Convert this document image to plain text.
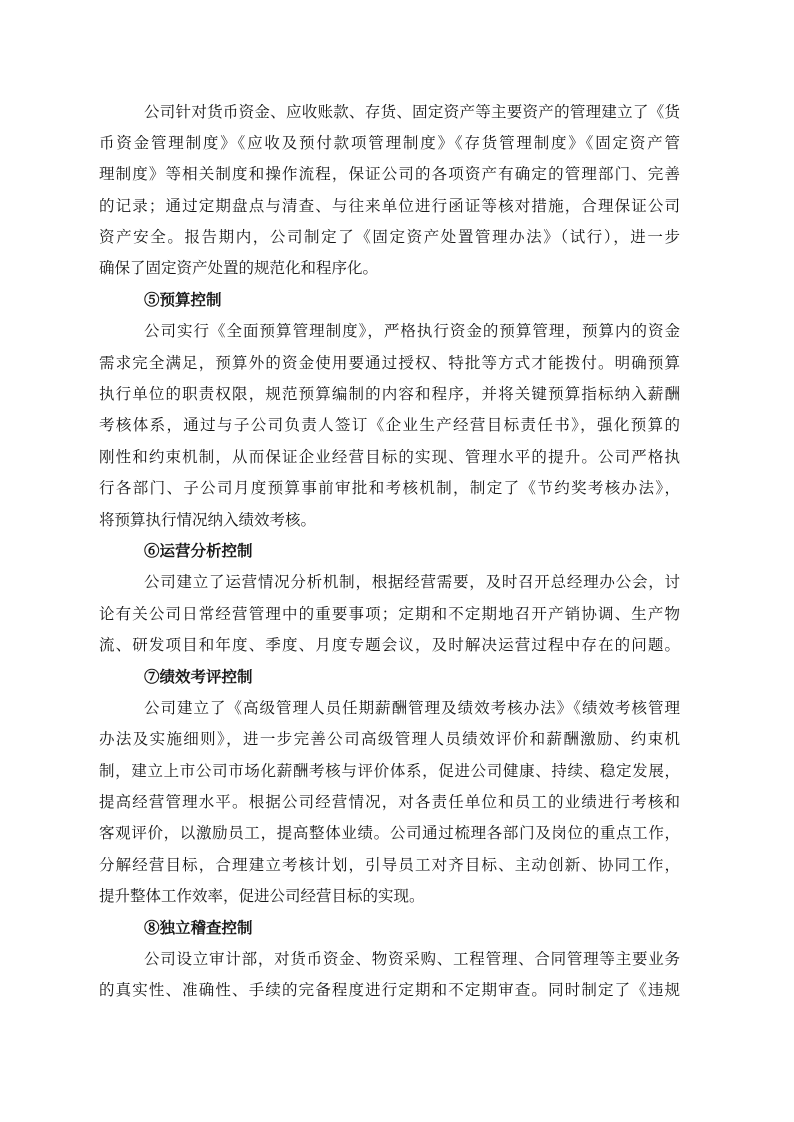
公司针对货币资金、应收账款、存货、固定资产等主要资产的管理建立了《货
币资金管理制度》《应收及预付款项管理制度》《存货管理制度》《固定资产管
理制度》等相关制度和操作流程，保证公司的各项资产有确定的管理部门、完善
的记录；通过定期盘点与清查、与往来单位进行函证等核对措施，合理保证公司
资产安全。报告期内，公司制定了《固定资产处置管理办法》（试行），进一步
确保了固定资产处置的规范化和程序化。
⑤预算控制
公司实行《全面预算管理制度》，严格执行资金的预算管理，预算内的资金
需求完全满足，预算外的资金使用要通过授权、特批等方式才能拨付。明确预算
执行单位的职责权限，规范预算编制的内容和程序，并将关键预算指标纳入薪酬
考核体系，通过与子公司负责人签订《企业生产经营目标责任书》，强化预算的
刚性和约束机制，从而保证企业经营目标的实现、管理水平的提升。公司严格执
行各部门、子公司月度预算事前审批和考核机制，制定了《节约奖考核办法》，
将预算执行情况纳入绩效考核。
⑥运营分析控制
公司建立了运营情况分析机制，根据经营需要，及时召开总经理办公会，讨
论有关公司日常经营管理中的重要事项；定期和不定期地召开产销协调、生产物
流、研发项目和年度、季度、月度专题会议，及时解决运营过程中存在的问题。
⑦绩效考评控制
公司建立了《高级管理人员任期薪酬管理及绩效考核办法》《绩效考核管理
办法及实施细则》，进一步完善公司高级管理人员绩效评价和薪酬激励、约束机
制，建立上市公司市场化薪酬考核与评价体系，促进公司健康、持续、稳定发展，
提高经营管理水平。根据公司经营情况，对各责任单位和员工的业绩进行考核和
客观评价，以激励员工，提高整体业绩。公司通过梳理各部门及岗位的重点工作，
分解经营目标，合理建立考核计划，引导员工对齐目标、主动创新、协同工作，
提升整体工作效率，促进公司经营目标的实现。
⑧独立稽查控制
公司设立审计部，对货币资金、物资采购、工程管理、合同管理等主要业务
的真实性、准确性、手续的完备程度进行定期和不定期审查。同时制定了《违规
